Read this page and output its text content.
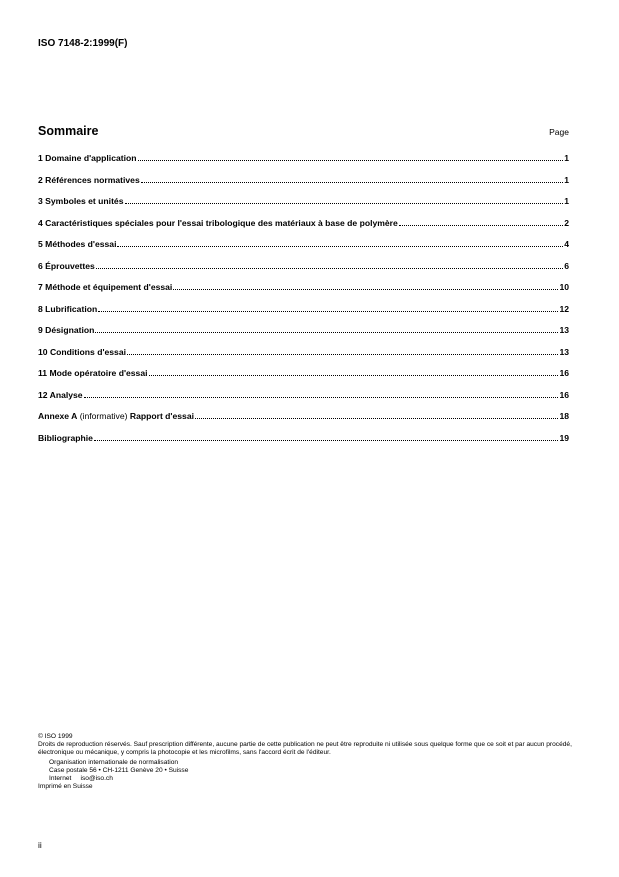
ISO 7148-2:1999(F)
Sommaire	Page
1 Domaine d'application	1
2 Références normatives	1
3 Symboles et unités	1
4 Caractéristiques spéciales pour l'essai tribologique des matériaux à base de polymère	2
5 Méthodes d'essai	4
6 Éprouvettes	6
7 Méthode et équipement d'essai	10
8 Lubrification	12
9 Désignation	13
10 Conditions d'essai	13
11 Mode opératoire d'essai	16
12 Analyse	16
Annexe A (informative) Rapport d'essai	18
Bibliographie	19
© ISO 1999
Droits de reproduction réservés. Sauf prescription différente, aucune partie de cette publication ne peut être reproduite ni utilisée sous quelque forme que ce soit et par aucun procédé, électronique ou mécanique, y compris la photocopie et les microfilms, sans l'accord écrit de l'éditeur.
Organisation internationale de normalisation
Case postale 56 • CH-1211 Genève 20 • Suisse
Internet iso@iso.ch
Imprimé en Suisse
ii
